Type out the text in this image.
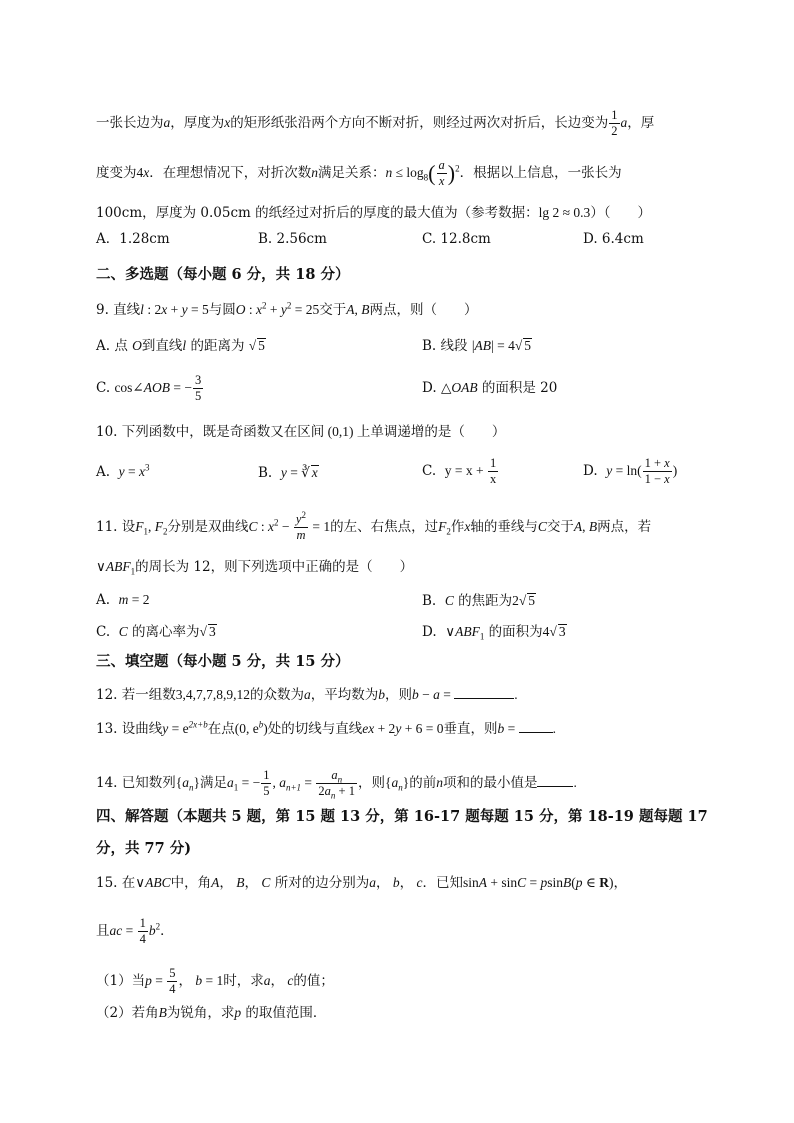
一张长边为a，厚度为x的矩形纸张沿两个方向不断对折，则经过两次对折后，长边变为 $\frac{1}{2}$ a，厚
度变为4x．在理想情况下，对折次数n满足关系：$n \le \log_8( \frac{a}{x} )^2$．根据以上信息，一张长为
100cm，厚度为 0.05cm 的纸经过对折后的厚度的最大值为（参考数据：lg 2 ≈ 0.3）（　　）
A．1.28cm	B. 2.56cm	C. 12.8cm	D. 6.4cm
二、多选题（每小题 6 分，共 18 分）
9. 直线l : 2x + y = 5与圆O : $x^2 + y^2 = 25$交于A, B两点，则（　　）
A. 点 O到直线l 的距离为 √ 5	B. 线段 |AB| = 4√ 5
C. cos∠AOB = − $\frac{3}{5}$	D. △OAB 的面积是 20
10. 下列函数中，既是奇函数又在区间 (0,1) 上单调递增的是（　　）
A. $y = x^3$	B. y = ∛ x	C. $y = x + \frac{1}{x}$	D. $y = \ln( \frac{1 + x}{1 - x}$ )
11. 设$F_1$, $F_2$分别是双曲线C : $x^2 - \frac{y^2}{m} = 1$的左、右焦点，过$F_2$作x轴的垂线与C交于A, B两点，若
$\vee ABF_1$的周长为 12，则下列选项中正确的是（　　）
A. m = 2	B. C 的焦距为2√ 5
C. C 的离心率为√ 3	D. $\vee ABF_1$ 的面积为4√ 3
三、填空题（每小题 5 分，共 15 分）
12. 若一组数3,4,7,7,8,9,12的众数为a，平均数为b，则b − a =	.
13. 设曲线$y = e^{2x+b}$在点(0, $e^b$)处的切线与直线ex + 2y + 6 = 0垂直，则b =	.
14. 已知数列$\{a_n\}$满足$a_1$ = − $\frac{1}{5}$ , $a_{n+1} = \frac{a_n}{2a_n + 1}$ ，则$\{a_n\}$的前n项和的最小值是	.
四、解答题（本题共 5 题，第 15 题 13 分，第 16-17 题每题 15 分，第 18-19 题每题 17
分，共 77 分)
15. 在∨ABC中，角A， B， C 所对的边分别为a， b， c．已知sinA + sinC = psinB(p ∈ R)，
且ac = $\frac{1}{4} b^2$．
（1）当$p = \frac{5}{4}$ ， b = 1时，求a， c的值；
（2）若角B为锐角，求p 的取值范围．
